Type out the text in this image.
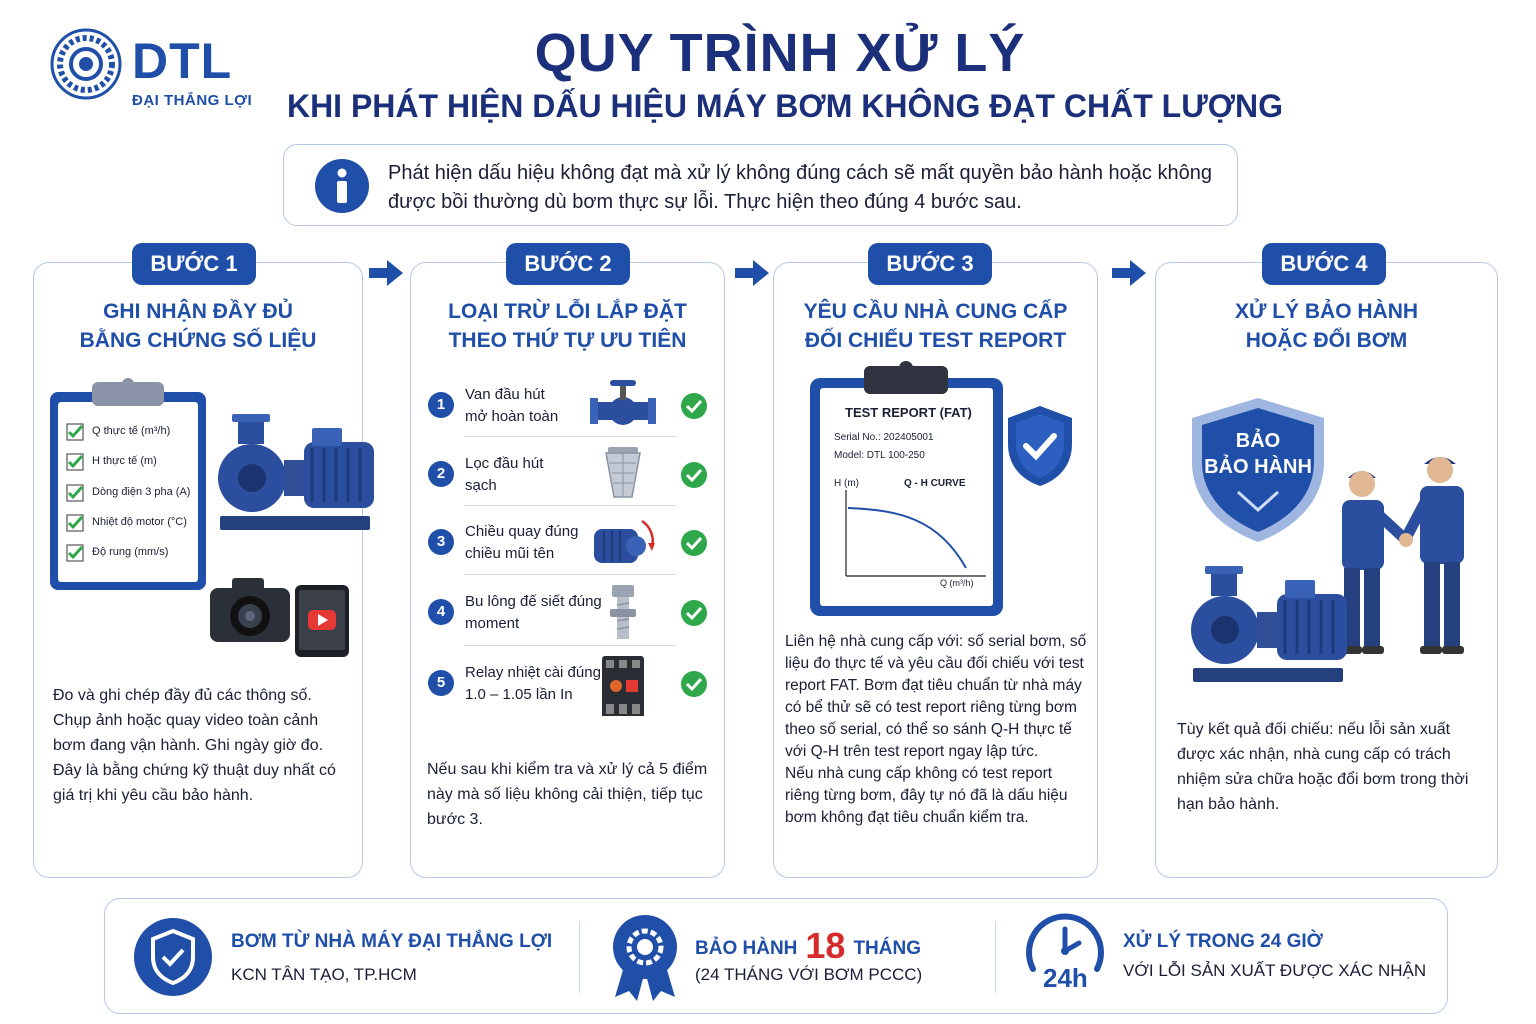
DTL
ĐẠI THẮNG LỢI
QUY TRÌNH XỬ LÝ
KHI PHÁT HIỆN DẤU HIỆU MÁY BƠM KHÔNG ĐẠT CHẤT LƯỢNG
Phát hiện dấu hiệu không đạt mà xử lý không đúng cách sẽ mất quyền bảo hành hoặc không được bồi thường dù bơm thực sự lỗi. Thực hiện theo đúng 4 bước sau.
GHI NHẬN ĐẦY ĐỦ
BẰNG CHỨNG SỐ LIỆU
BƯỚC 1
Q thực tế (m³/h)
H thực tế (m)
Dòng điện 3 pha (A)
Nhiệt độ motor (°C)
Độ rung (mm/s)
Đo và ghi chép đầy đủ các thông số. Chụp ảnh hoặc quay video toàn cảnh bơm đang vận hành. Ghi ngày giờ đo. Đây là bằng chứng kỹ thuật duy nhất có giá trị khi yêu cầu bảo hành.
LOẠI TRỪ LỖI LẮP ĐẶT
THEO THỨ TỰ ƯU TIÊN
BƯỚC 2
1
Van đầu hút
mở hoàn toàn
2
Lọc đầu hút
sạch
3
Chiều quay đúng
chiều mũi tên
4
Bu lông đế siết đúng
moment
5
Relay nhiệt cài đúng
1.0 – 1.05 lần In
Nếu sau khi kiểm tra và xử lý cả 5 điểm này mà số liệu không cải thiện, tiếp tục bước 3.
YÊU CẦU NHÀ CUNG CẤP
ĐỐI CHIẾU TEST REPORT
BƯỚC 3
TEST REPORT (FAT)
Serial No.: 202405001
Model: DTL 100-250
H (m)	Q - H CURVE
Q (m³/h)
Liên hệ nhà cung cấp với: số serial bơm, số liệu đo thực tế và yêu cầu đối chiếu với test report FAT. Bơm đạt tiêu chuẩn từ nhà máy có bể thử sẽ có test report riêng từng bơm theo số serial, có thể so sánh Q-H thực tế với Q-H trên test report ngay lập tức.
Nếu nhà cung cấp không có test report riêng từng bơm, đây tự nó đã là dấu hiệu bơm không đạt tiêu chuẩn kiểm tra.
XỬ LÝ BẢO HÀNH
HOẶC ĐỔI BƠM
BƯỚC 4
BẢO
BẢO HÀNH
Tùy kết quả đối chiếu: nếu lỗi sản xuất được xác nhận, nhà cung cấp có trách nhiệm sửa chữa hoặc đổi bơm trong thời hạn bảo hành.
BƠM TỪ NHÀ MÁY ĐẠI THẮNG LỢI
KCN TÂN TẠO, TP.HCM
BẢO HÀNH 18 THÁNG
(24 THÁNG VỚI BƠM PCCC)	24h
XỬ LÝ TRONG 24 GIỜ
VỚI LỖI SẢN XUẤT ĐƯỢC XÁC NHẬN
